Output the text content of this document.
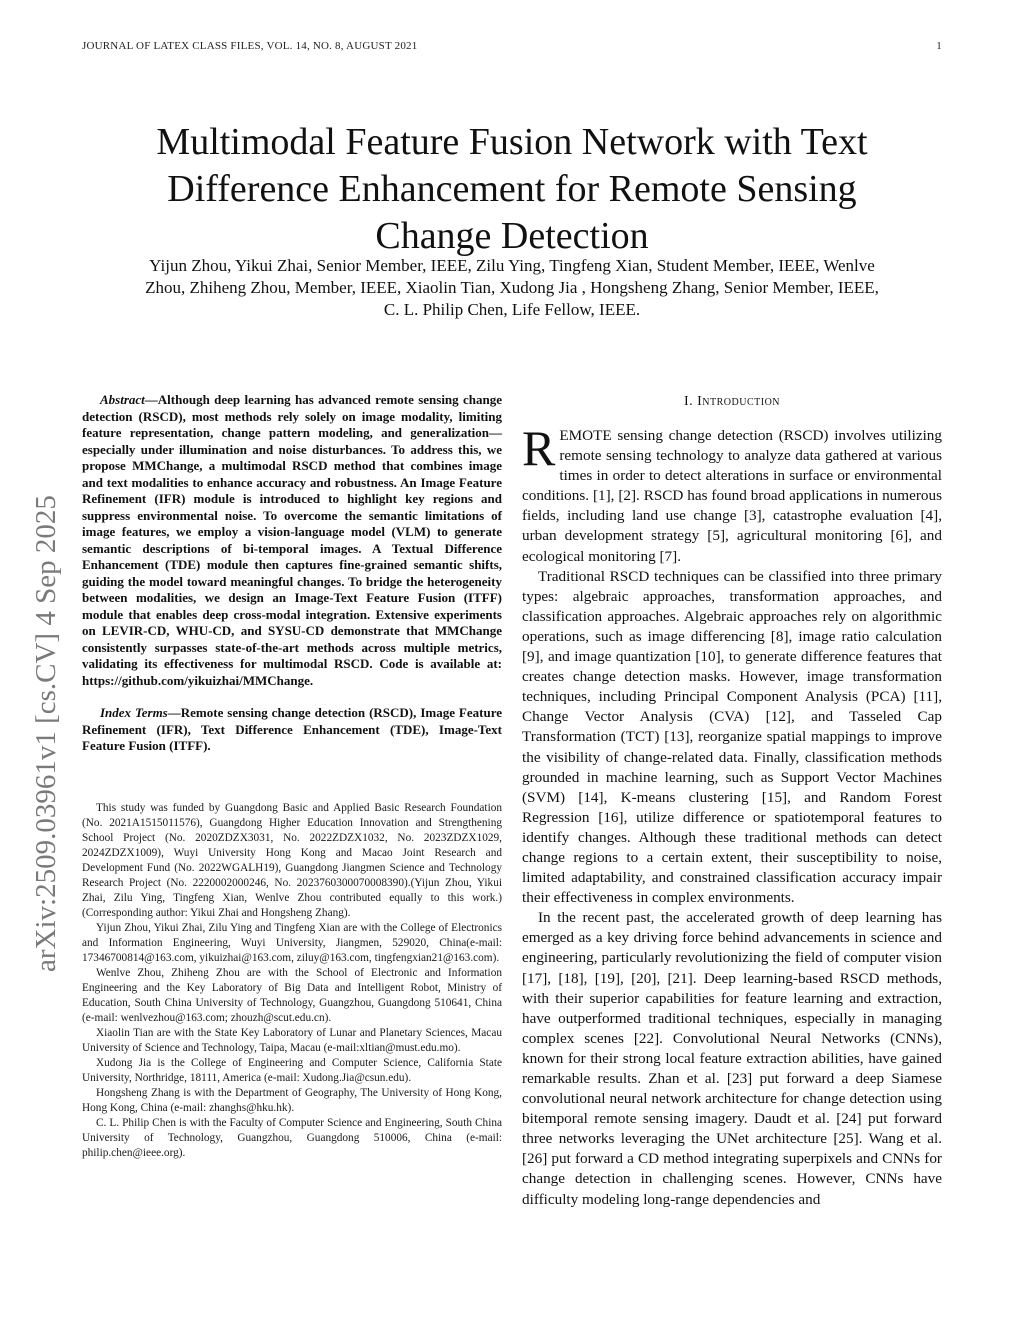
JOURNAL OF LATEX CLASS FILES, VOL. 14, NO. 8, AUGUST 2021	1
Multimodal Feature Fusion Network with Text
Difference Enhancement for Remote Sensing
Change Detection
Yijun Zhou, Yikui Zhai, Senior Member, IEEE, Zilu Ying, Tingfeng Xian, Student Member, IEEE, Wenlve
Zhou, Zhiheng Zhou, Member, IEEE, Xiaolin Tian, Xudong Jia , Hongsheng Zhang, Senior Member, IEEE,
C. L. Philip Chen, Life Fellow, IEEE.
arXiv:2509.03961v1 [cs.CV] 4 Sep 2025

Abstract—Although deep learning has advanced remote sensing change detection (RSCD), most methods rely solely on image modality, limiting feature representation, change pattern modeling, and generalization—especially under illumination and noise disturbances. To address this, we propose MMChange, a multimodal RSCD method that combines image and text modalities to enhance accuracy and robustness. An Image Feature Refinement (IFR) module is introduced to highlight key regions and suppress environmental noise. To overcome the semantic limitations of image features, we employ a vision-language model (VLM) to generate semantic descriptions of bi-temporal images. A Textual Difference Enhancement (TDE) module then captures fine-grained semantic shifts, guiding the model toward meaningful changes. To bridge the heterogeneity between modalities, we design an Image-Text Feature Fusion (ITFF) module that enables deep cross-modal integration. Extensive experiments on LEVIR-CD, WHU-CD, and SYSU-CD demonstrate that MMChange consistently surpasses state-of-the-art methods across multiple metrics, validating its effectiveness for multimodal RSCD. Code is available at: https://github.com/yikuizhai/MMChange.

Index Terms—Remote sensing change detection (RSCD), Image Feature Refinement (IFR), Text Difference Enhancement (TDE), Image-Text Feature Fusion (ITFF).

This study was funded by Guangdong Basic and Applied Basic Research Foundation (No. 2021A1515011576), Guangdong Higher Education Innovation and Strengthening School Project (No. 2020ZDZX3031, No. 2022ZDZX1032, No. 2023ZDZX1029, 2024ZDZX1009), Wuyi University Hong Kong and Macao Joint Research and Development Fund (No. 2022WGALH19), Guangdong Jiangmen Science and Technology Research Project (No. 2220002000246, No. 2023760300070008390).(Yijun Zhou, Yikui Zhai, Zilu Ying, Tingfeng Xian, Wenlve Zhou contributed equally to this work.)(Corresponding author: Yikui Zhai and Hongsheng Zhang).

Yijun Zhou, Yikui Zhai, Zilu Ying and Tingfeng Xian are with the College of Electronics and Information Engineering, Wuyi University, Jiangmen, 529020, China(e-mail: 17346700814@163.com, yikuizhai@163.com, ziluy@163.com, tingfengxian21@163.com).

Wenlve Zhou, Zhiheng Zhou are with the School of Electronic and Information Engineering and the Key Laboratory of Big Data and Intelligent Robot, Ministry of Education, South China University of Technology, Guangzhou, Guangdong 510641, China (e-mail: wenlvezhou@163.com; zhouzh@scut.edu.cn).

Xiaolin Tian are with the State Key Laboratory of Lunar and Planetary Sciences, Macau University of Science and Technology, Taipa, Macau (e-mail:xltian@must.edu.mo).

Xudong Jia is the College of Engineering and Computer Science, California State University, Northridge, 18111, America (e-mail: Xudong.Jia@csun.edu).

Hongsheng Zhang is with the Department of Geography, The University of Hong Kong, Hong Kong, China (e-mail: zhanghs@hku.hk).

C. L. Philip Chen is with the Faculty of Computer Science and Engineering, South China University of Technology, Guangzhou, Guangdong 510006, China (e-mail: philip.chen@ieee.org).

I. Introduction

REMOTE sensing change detection (RSCD) involves utilizing remote sensing technology to analyze data gathered at various times in order to detect alterations in surface or environmental conditions. [1], [2]. RSCD has found broad applications in numerous fields, including land use change [3], catastrophe evaluation [4], urban development strategy [5], agricultural monitoring [6], and ecological monitoring [7].

Traditional RSCD techniques can be classified into three primary types: algebraic approaches, transformation approaches, and classification approaches. Algebraic approaches rely on algorithmic operations, such as image differencing [8], image ratio calculation [9], and image quantization [10], to generate difference features that creates change detection masks. However, image transformation techniques, including Principal Component Analysis (PCA) [11], Change Vector Analysis (CVA) [12], and Tasseled Cap Transformation (TCT) [13], reorganize spatial mappings to improve the visibility of change-related data. Finally, classification methods grounded in machine learning, such as Support Vector Machines (SVM) [14], K-means clustering [15], and Random Forest Regression [16], utilize difference or spatiotemporal features to identify changes. Although these traditional methods can detect change regions to a certain extent, their susceptibility to noise, limited adaptability, and constrained classification accuracy impair their effectiveness in complex environments.

In the recent past, the accelerated growth of deep learning has emerged as a key driving force behind advancements in science and engineering, particularly revolutionizing the field of computer vision [17], [18], [19], [20], [21]. Deep learning-based RSCD methods, with their superior capabilities for feature learning and extraction, have outperformed traditional techniques, especially in managing complex scenes [22]. Convolutional Neural Networks (CNNs), known for their strong local feature extraction abilities, have gained remarkable results. Zhan et al. [23] put forward a deep Siamese convolutional neural network architecture for change detection using bitemporal remote sensing imagery. Daudt et al. [24] put forward three networks leveraging the UNet architecture [25]. Wang et al. [26] put forward a CD method integrating superpixels and CNNs for change detection in challenging scenes. However, CNNs have difficulty modeling long-range dependencies and
